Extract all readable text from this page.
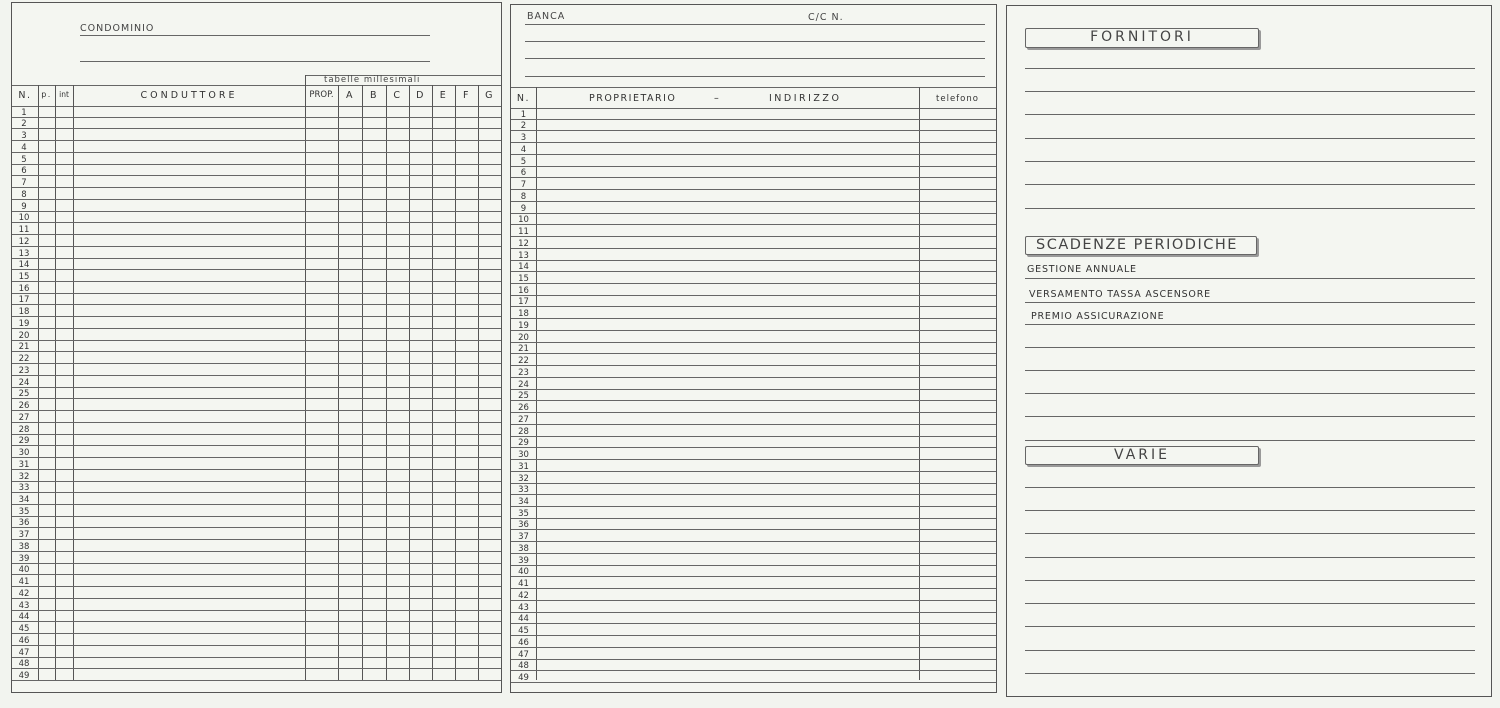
CONDOMINIO
tabelle millesimali
N.	p. int	CONDUTTORE	PROP.	A	B	C	D	E	F	G
1
2
3
4
5
6
7
8
9
10
11
12
13
14
15
16
17
18
19
20
21
22
23
24
25
26
27
28
29
30
31
32
33
34
35
36
37
38
39
40
41
42
43
44
45
46
47
48
49
BANCA	C/C N.
N.	PROPRIETARIO	–	INDIRIZZO	telefono
1
2
3
4
5
6
7
8
9
10
11
12
13
14
15
16
17
18
19
20
21
22
23
24
25
26
27
28
29
30
31
32
33
34
35
36
37
38
39
40
41
42
43
44
45
46
47
48
49
FORNITORI
SCADENZE PERIODICHE
GESTIONE ANNUALE
VERSAMENTO TASSA ASCENSORE
PREMIO ASSICURAZIONE
VARIE
